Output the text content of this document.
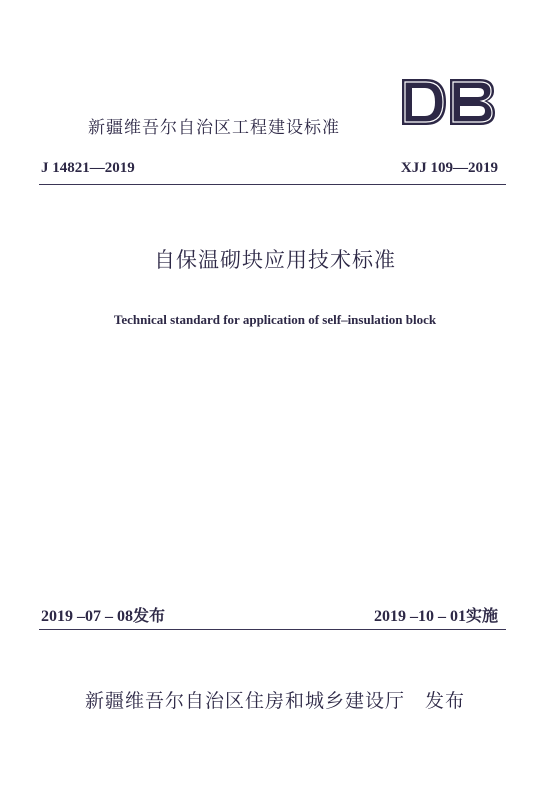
新疆维吾尔自治区工程建设标准
J 14821—2019	XJJ 109—2019
自保温砌块应用技术标准
Technical standard for application of self–insulation block
2019 –07 – 08发布	2019 –10 – 01实施
新疆维吾尔自治区住房和城乡建设厅　发布
